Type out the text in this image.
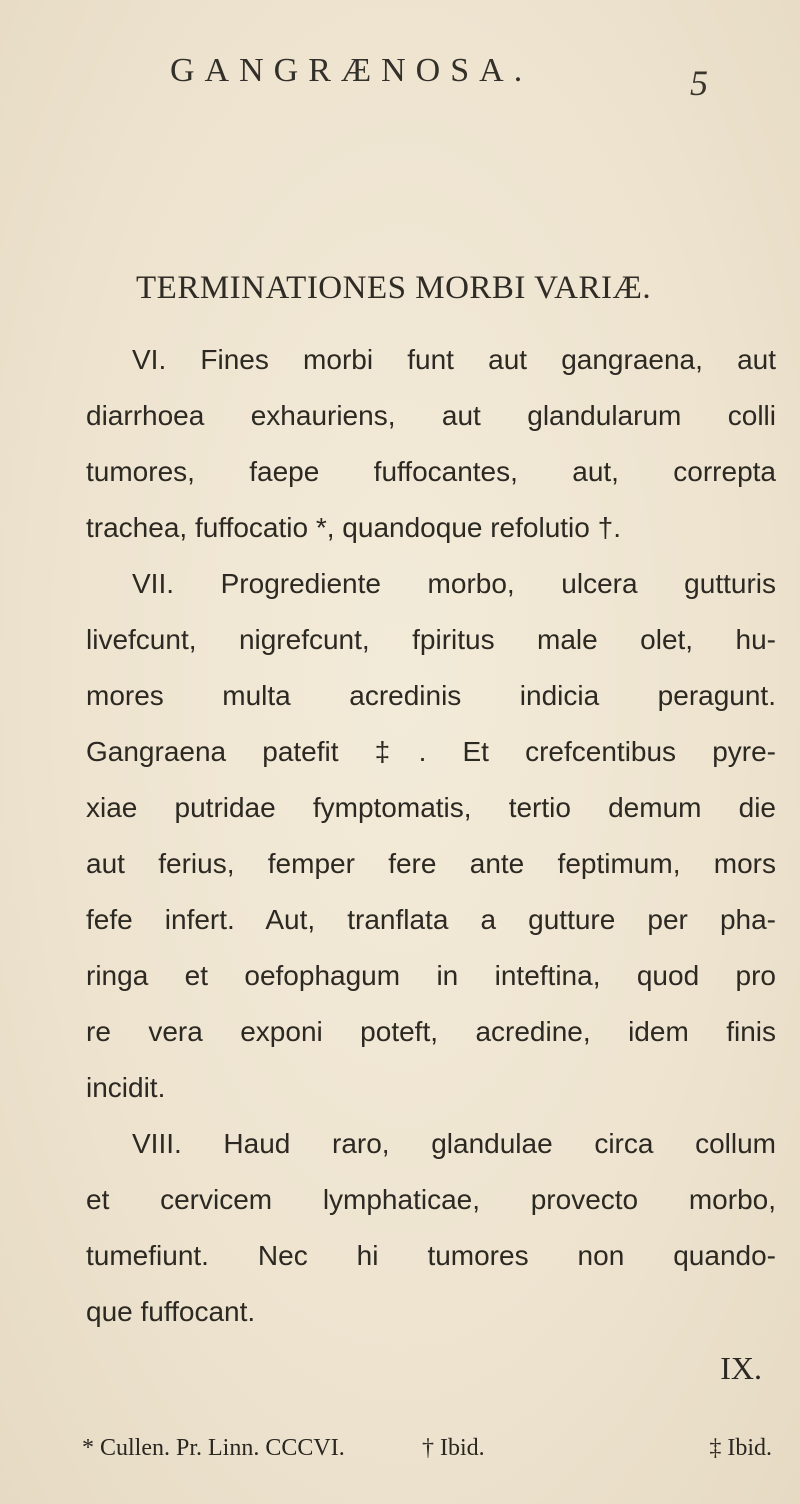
GANGRÆNOSA.	5
TERMINATIONES MORBI VARIÆ.
VI. Fines morbi funt aut gangraena, aut
diarrhoea exhauriens, aut glandularum colli
tumores, faepe fuffocantes, aut, correpta
trachea, fuffocatio *, quandoque refolutio †.
VII. Progrediente morbo, ulcera gutturis
livefcunt, nigrefcunt, fpiritus male olet, hu-
mores multa acredinis indicia peragunt.
Gangraena patefit ‡. Et crefcentibus pyre-
xiae putridae fymptomatis, tertio demum die
aut ferius, femper fere ante feptimum, mors
fefe infert. Aut, tranflata a gutture per pha-
ringa et oefophagum in inteftina, quod pro
re vera exponi poteft, acredine, idem finis
incidit.
VIII. Haud raro, glandulae circa collum
et cervicem lymphaticae, provecto morbo,
tumefiunt. Nec hi tumores non quando-
que fuffocant.
IX.
* Cullen. Pr. Linn. CCCVI.	† Ibid.	‡ Ibid.
